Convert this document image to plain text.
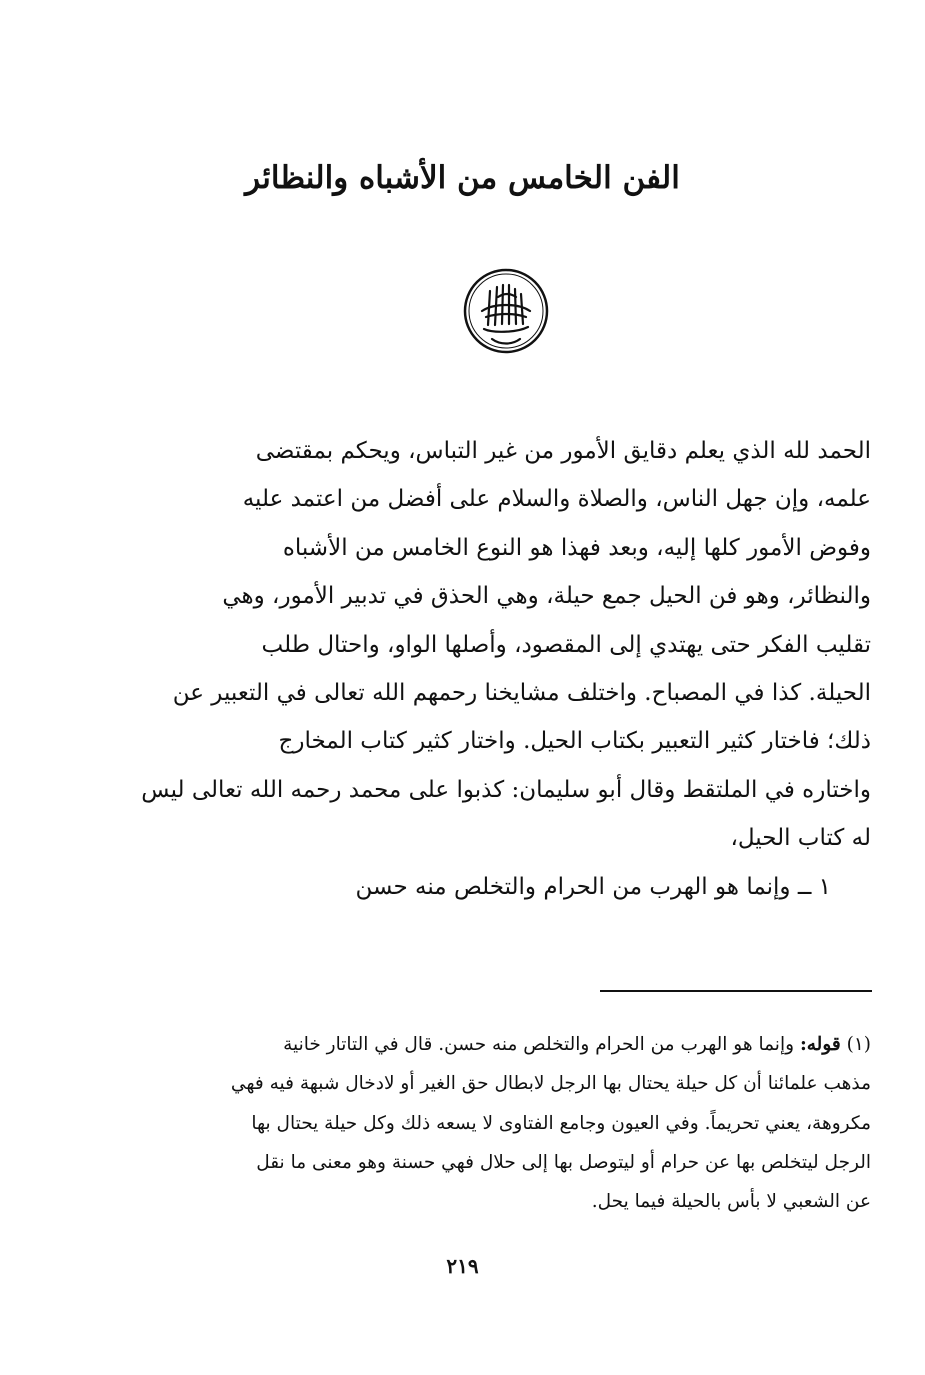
الفن الخامس من الأشباه والنظائر
الحمد لله الذي يعلم دقايق الأمور من غير التباس، ويحكم بمقتضى
علمه، وإن جهل الناس، والصلاة والسلام على أفضل من اعتمد عليه
وفوض الأمور كلها إليه، وبعد فهذا هو النوع الخامس من الأشباه
والنظائر، وهو فن الحيل جمع حيلة، وهي الحذق في تدبير الأمور، وهي
تقليب الفكر حتى يهتدي إلى المقصود، وأصلها الواو، واحتال طلب
الحيلة. كذا في المصباح. واختلف مشايخنا رحمهم الله تعالى في التعبير عن
ذلك؛ فاختار كثير التعبير بكتاب الحيل. واختار كثير كتاب المخارج
واختاره في الملتقط وقال أبو سليمان: كذبوا على محمد رحمه الله تعالى ليس
له كتاب الحيل،
١ ــ وإنما هو الهرب من الحرام والتخلص منه حسن
(١) قوله: وإنما هو الهرب من الحرام والتخلص منه حسن. قال في التاتار خانية
مذهب علمائنا أن كل حيلة يحتال بها الرجل لابطال حق الغير أو لادخال شبهة فيه فهي
مكروهة، يعني تحريماً. وفي العيون وجامع الفتاوى لا يسعه ذلك وكل حيلة يحتال بها
الرجل ليتخلص بها عن حرام أو ليتوصل بها إلى حلال فهي حسنة وهو معنى ما نقل
عن الشعبي لا بأس بالحيلة فيما يحل.
٢١٩
